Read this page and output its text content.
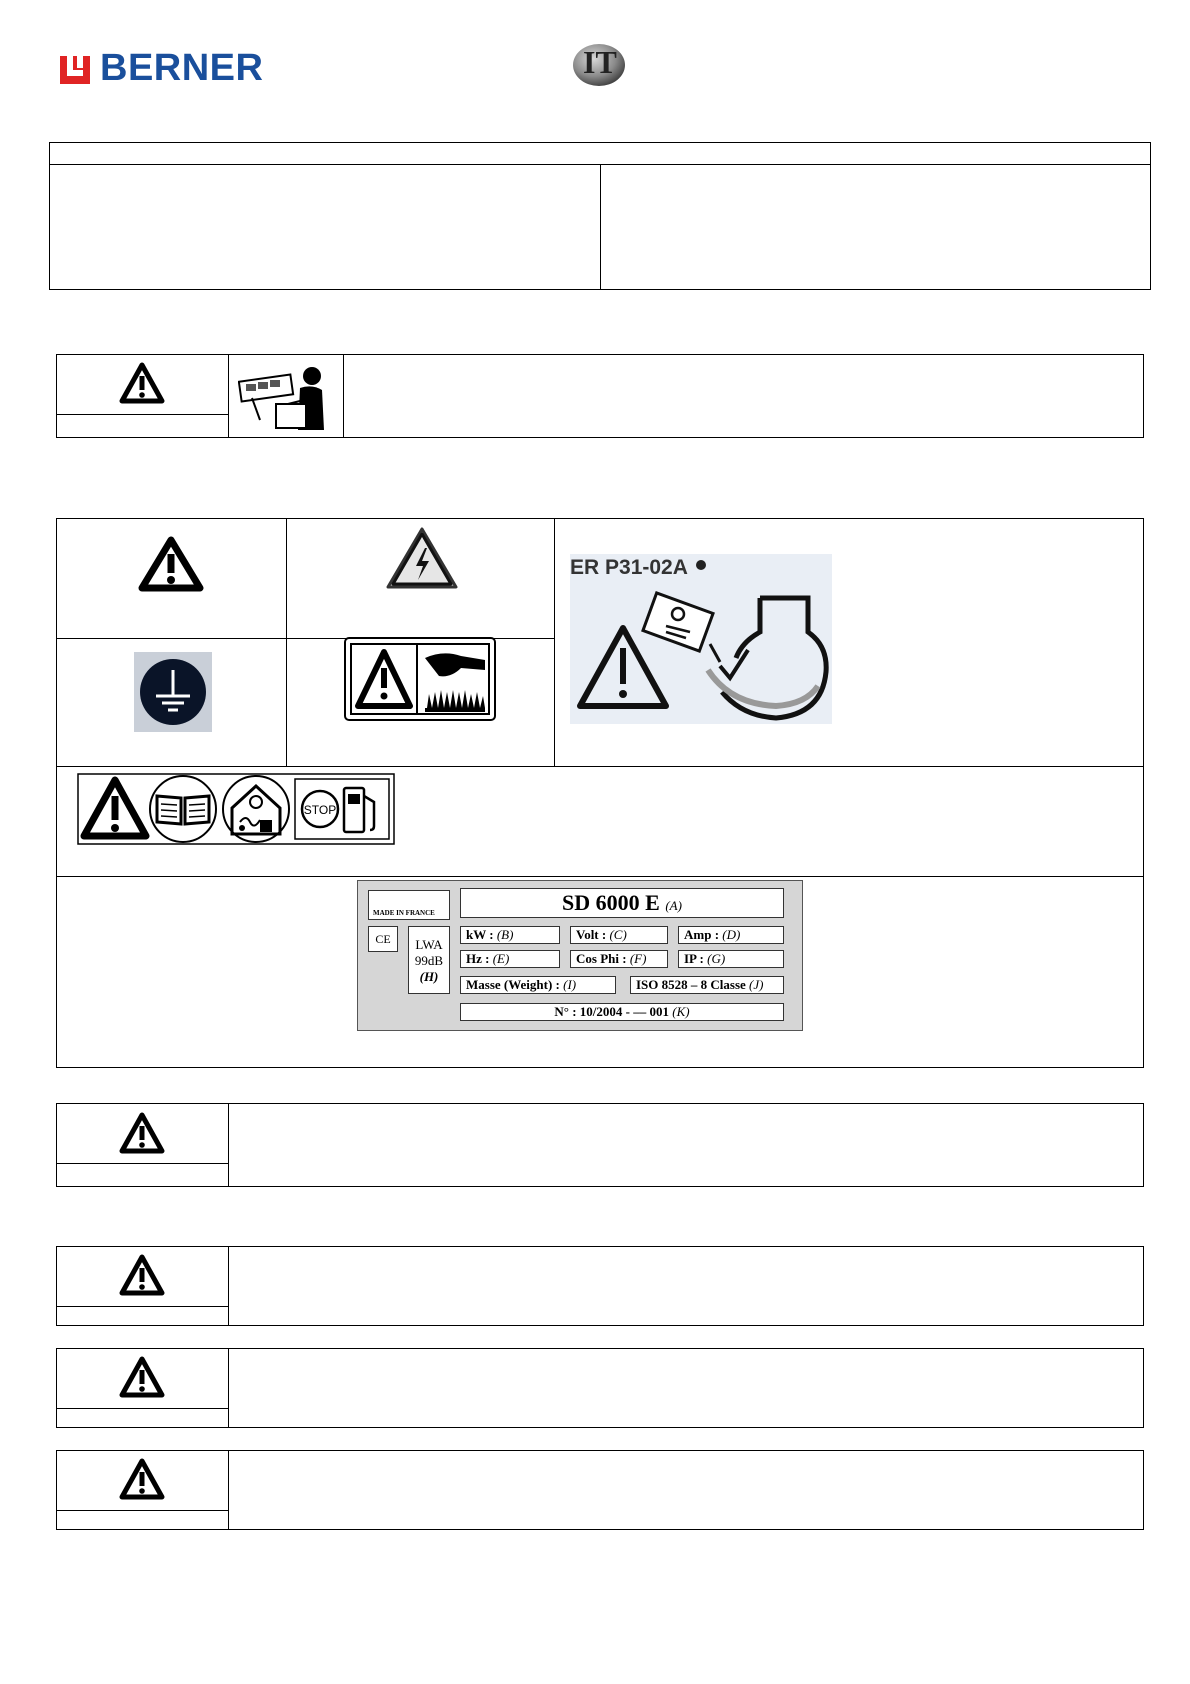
BERNER	IT
ER P31-02A
STOP
MADE IN FRANCE	SD 6000 E (A)
CE	LWA
99dB
(H)
kW : (B)	Volt : (C)	Amp : (D)
Hz : (E)	Cos Phi : (F)	IP : (G)
Masse (Weight) : (I)	ISO 8528 – 8 Classe (J)
N° : 10/2004 - –– 001 (K)
